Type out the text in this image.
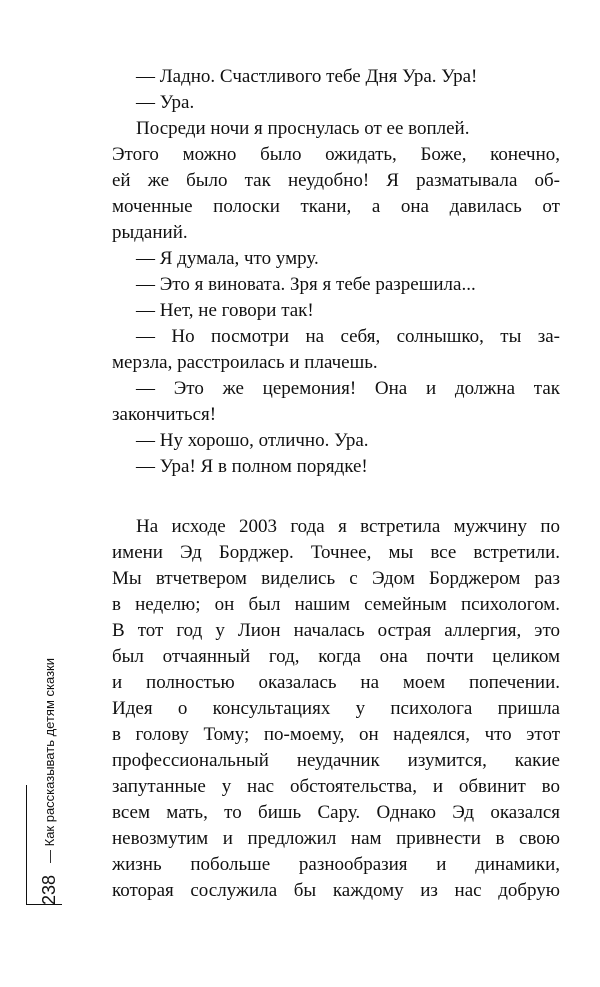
— Ладно. Счастливого тебе Дня Ура. Ура!
— Ура.
Посреди ночи я проснулась от ее воплей.
Этого можно было ожидать, Боже, конечно,
ей же было так неудобно! Я разматывала об-
моченные полоски ткани, а она давилась от
рыданий.
— Я думала, что умру.
— Это я виновата. Зря я тебе разрешила...
— Нет, не говори так!
— Но посмотри на себя, солнышко, ты за-
мерзла, расстроилась и плачешь.
— Это же церемония! Она и должна так
закончиться!
— Ну хорошо, отлично. Ура.
— Ура! Я в полном порядке!
На исходе 2003 года я встретила мужчину по
имени Эд Борджер. Точнее, мы все встретили.
Мы втчетвером виделись с Эдом Борджером раз
в неделю; он был нашим семейным психологом.
В тот год у Лион началась острая аллергия, это
был отчаянный год, когда она почти целиком
и полностью оказалась на моем попечении.
Идея о консультациях у психолога пришла
в голову Тому; по-моему, он надеялся, что этот
профессиональный неудачник изумится, какие
запутанные у нас обстоятельства, и обвинит во
всем мать, то бишь Сару. Однако Эд оказался
невозмутим и предложил нам привнести в свою
жизнь побольше разнообразия и динамики,
которая сослужила бы каждому из нас добрую
238
— Как рассказывать детям сказки
